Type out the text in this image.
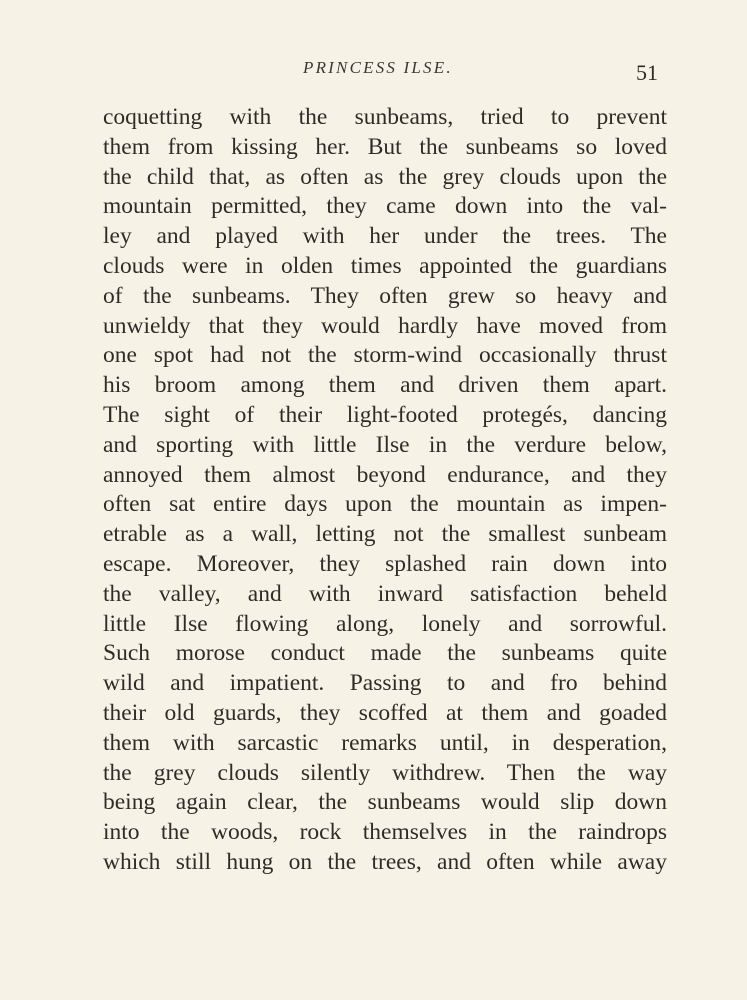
PRINCESS ILSE.	51
coquetting with the sunbeams, tried to prevent
them from kissing her. But the sunbeams so loved
the child that, as often as the grey clouds upon the
mountain permitted, they came down into the val-
ley and played with her under the trees. The
clouds were in olden times appointed the guardians
of the sunbeams. They often grew so heavy and
unwieldy that they would hardly have moved from
one spot had not the storm-wind occasionally thrust
his broom among them and driven them apart.
The sight of their light-footed protegés, dancing
and sporting with little Ilse in the verdure below,
annoyed them almost beyond endurance, and they
often sat entire days upon the mountain as impen-
etrable as a wall, letting not the smallest sunbeam
escape. Moreover, they splashed rain down into
the valley, and with inward satisfaction beheld
little Ilse flowing along, lonely and sorrowful.
Such morose conduct made the sunbeams quite
wild and impatient. Passing to and fro behind
their old guards, they scoffed at them and goaded
them with sarcastic remarks until, in desperation,
the grey clouds silently withdrew. Then the way
being again clear, the sunbeams would slip down
into the woods, rock themselves in the raindrops
which still hung on the trees, and often while away
